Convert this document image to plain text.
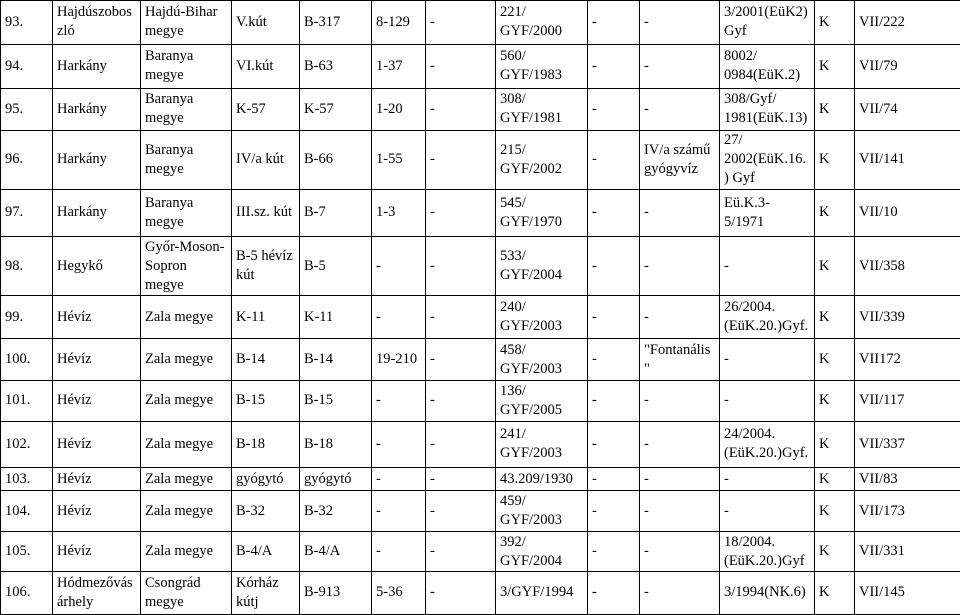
93.	Hajdúszoboszló	Hajdú-Bihar megye	V.kút	B-317	8-129	-	221/ GYF/2000	-	-	3/2001(EüK2) Gyf	K	VII/222
94.	Harkány	Baranya megye	VI.kút	B-63	1-37	-	560/ GYF/1983	-	-	8002/ 0984(EüK.2)	K	VII/79
95.	Harkány	Baranya megye	K-57	K-57	1-20	-	308/ GYF/1981	-	-	308/Gyf/ 1981(EüK.13)	K	VII/74
96.	Harkány	Baranya megye	IV/a kút	B-66	1-55	-	215/ GYF/2002	-	IV/a számű gyógyvíz	27/ 2002(EüK.16.) Gyf	K	VII/141
97.	Harkány	Baranya megye	III.sz. kút	B-7	1-3	-	545/ GYF/1970	-	-	Eü.K.3-5/1971	K	VII/10
98.	Hegykő	Győr-Moson-Sopron megye	B-5 hévíz kút	B-5	-	-	533/ GYF/2004	-	-	-	K	VII/358
99.	Hévíz	Zala megye	K-11	K-11	-	-	240/ GYF/2003	-	-	26/2004. (EüK.20.)Gyf.	K	VII/339
100.	Hévíz	Zala megye	B-14	B-14	19-210	-	458/ GYF/2003	-	"Fontanális"	-	K	VII172
101.	Hévíz	Zala megye	B-15	B-15	-	-	136/ GYF/2005	-	-	-	K	VII/117
102.	Hévíz	Zala megye	B-18	B-18	-	-	241/ GYF/2003	-	-	24/2004. (EüK.20.)Gyf.	K	VII/337
103.	Hévíz	Zala megye	gyógytó	gyógytó	-	-	43.209/1930	-	-	-	K	VII/83
104.	Hévíz	Zala megye	B-32	B-32	-	-	459/ GYF/2003	-	-	-	K	VII/173
105.	Hévíz	Zala megye	B-4/A	B-4/A	-	-	392/ GYF/2004	-	-	18/2004. (EüK.20.)Gyf	K	VII/331
106.	Hódmezővásárhely	Csongrád megye	Kórház kútj	B-913	5-36	-	3/GYF/1994	-	-	3/1994(NK.6)	K	VII/145
